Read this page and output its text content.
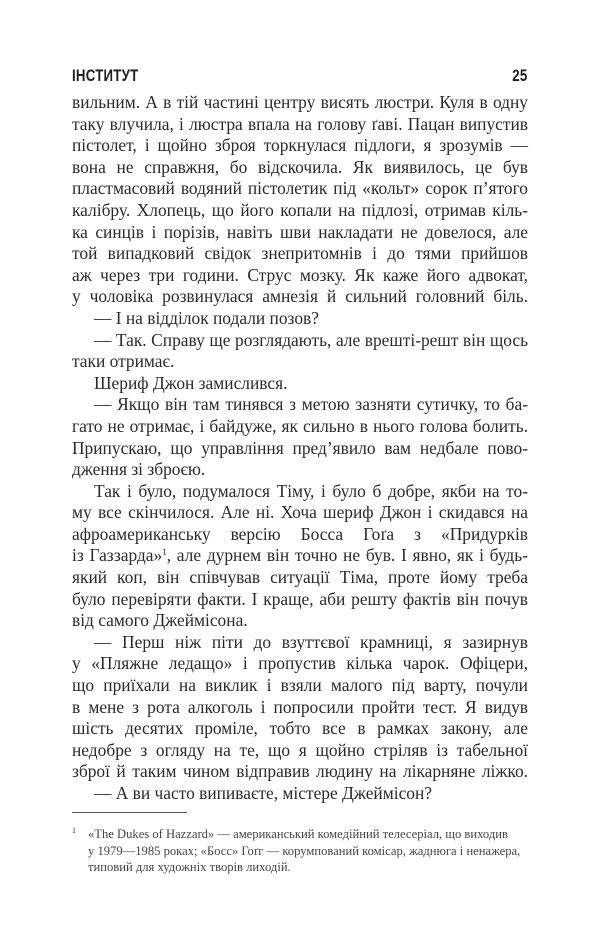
ІНСТИТУТ	25
вильним. А в тій частині центру висять люстри. Куля в одну
таку влучила, і люстра впала на голову ґаві. Пацан випустив
пістолет, і щойно зброя торкнулася підлоги, я зрозумів —
вона не справжня, бо відскочила. Як виявилось, це був
пластмасовий водяний пістолетик під «кольт» сорок п’ятого
калібру. Хлопець, що його копали на підлозі, отримав кіль-
ка синців і порізів, навіть шви накладати не довелося, але
той випадковий свідок знепритомнів і до тями прийшов
аж через три години. Струс мозку. Як каже його адвокат,
у чоловіка розвинулася амнезія й сильний головний біль.
— І на відділок подали позов?
— Так. Справу ще розглядають, але врешті-решт він щось
таки отримає.
Шериф Джон замислився.
— Якщо він там тинявся з метою зазняти сутичку, то ба-
гато не отримає, і байдуже, як сильно в нього голова болить.
Припускаю, що управління пред’явило вам недбале пово-
дження зі зброєю.
Так і було, подумалося Тіму, і було б добре, якби на то-
му все скінчилося. Але ні. Хоча шериф Джон і скидався на
афроамериканську версію Босса Гоґа з «Придурків
із Газзарда»$^1$, але дурнем він точно не був. І явно, як і будь-
який коп, він співчував ситуації Тіма, проте йому треба
було перевіряти факти. І краще, аби решту фактів він почув
від самого Джеймісона.
— Перш ніж піти до взуттєвої крамниці, я зазирнув
у «Пляжне ледащо» і пропустив кілька чарок. Офіцери,
що приїхали на виклик і взяли малого під варту, почули
в мене з рота алкоголь і попросили пройти тест. Я видув
шість десятих проміле, тобто все в рамках закону, але
недобре з огляду на те, що я щойно стріляв із табельної
зброї й таким чином відправив людину на лікарняне ліжко.
— А ви часто випиваєте, містере Джеймісон?
1 «The Dukes of Hazzard» — американський комедійний телесеріал, що виходив
у 1979—1985 роках; «Босс» Гоґг — корумпований комісар, жаднюга і ненажера,
типовий для художніх творів лиходій.
